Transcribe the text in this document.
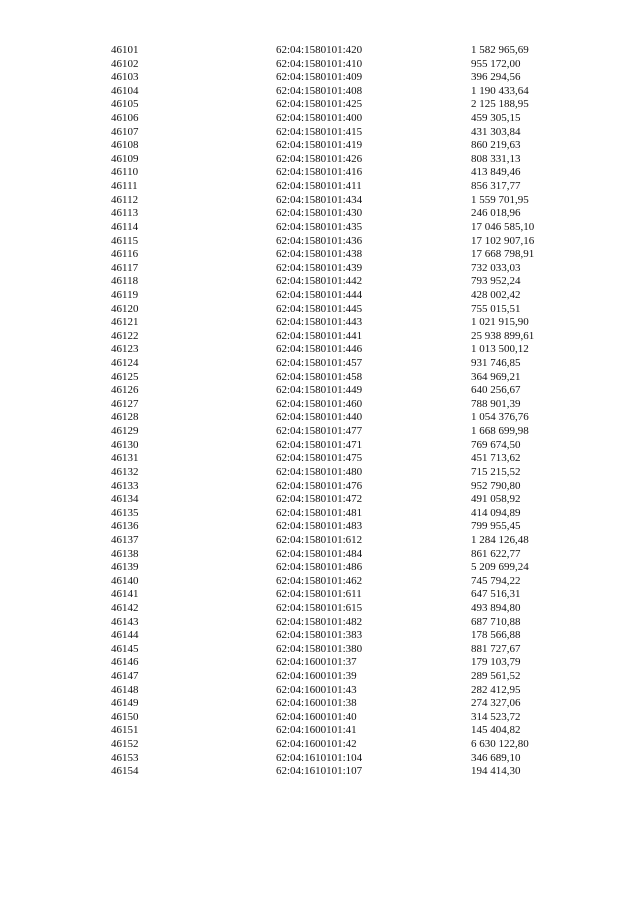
46101	62:04:1580101:420	1 582 965,69
46102	62:04:1580101:410	955 172,00
46103	62:04:1580101:409	396 294,56
46104	62:04:1580101:408	1 190 433,64
46105	62:04:1580101:425	2 125 188,95
46106	62:04:1580101:400	459 305,15
46107	62:04:1580101:415	431 303,84
46108	62:04:1580101:419	860 219,63
46109	62:04:1580101:426	808 331,13
46110	62:04:1580101:416	413 849,46
46111	62:04:1580101:411	856 317,77
46112	62:04:1580101:434	1 559 701,95
46113	62:04:1580101:430	246 018,96
46114	62:04:1580101:435	17 046 585,10
46115	62:04:1580101:436	17 102 907,16
46116	62:04:1580101:438	17 668 798,91
46117	62:04:1580101:439	732 033,03
46118	62:04:1580101:442	793 952,24
46119	62:04:1580101:444	428 002,42
46120	62:04:1580101:445	755 015,51
46121	62:04:1580101:443	1 021 915,90
46122	62:04:1580101:441	25 938 899,61
46123	62:04:1580101:446	1 013 500,12
46124	62:04:1580101:457	931 746,85
46125	62:04:1580101:458	364 969,21
46126	62:04:1580101:449	640 256,67
46127	62:04:1580101:460	788 901,39
46128	62:04:1580101:440	1 054 376,76
46129	62:04:1580101:477	1 668 699,98
46130	62:04:1580101:471	769 674,50
46131	62:04:1580101:475	451 713,62
46132	62:04:1580101:480	715 215,52
46133	62:04:1580101:476	952 790,80
46134	62:04:1580101:472	491 058,92
46135	62:04:1580101:481	414 094,89
46136	62:04:1580101:483	799 955,45
46137	62:04:1580101:612	1 284 126,48
46138	62:04:1580101:484	861 622,77
46139	62:04:1580101:486	5 209 699,24
46140	62:04:1580101:462	745 794,22
46141	62:04:1580101:611	647 516,31
46142	62:04:1580101:615	493 894,80
46143	62:04:1580101:482	687 710,88
46144	62:04:1580101:383	178 566,88
46145	62:04:1580101:380	881 727,67
46146	62:04:1600101:37	179 103,79
46147	62:04:1600101:39	289 561,52
46148	62:04:1600101:43	282 412,95
46149	62:04:1600101:38	274 327,06
46150	62:04:1600101:40	314 523,72
46151	62:04:1600101:41	145 404,82
46152	62:04:1600101:42	6 630 122,80
46153	62:04:1610101:104	346 689,10
46154	62:04:1610101:107	194 414,30
